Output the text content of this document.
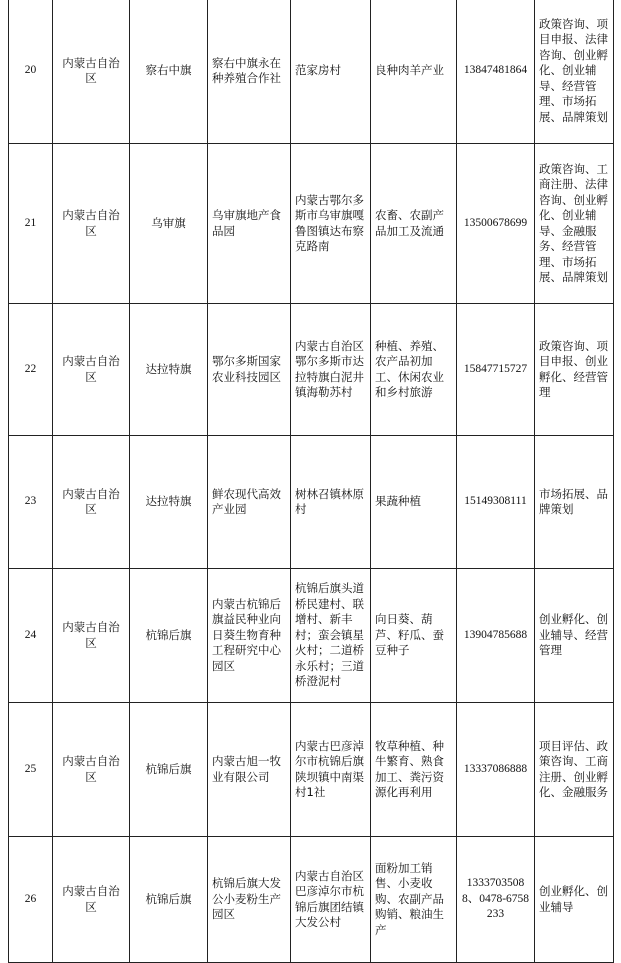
20	内蒙古自治区	察右中旗	察右中旗永在种养殖合作社	范家房村	良种肉羊产业	13847481864	政策咨询、项目申报、法律咨询、创业孵化、创业辅导、经营管理、市场拓展、品牌策划
21	内蒙古自治区	乌审旗	乌审旗地产食品园	内蒙古鄂尔多斯市乌审旗嘎鲁图镇达布察克路南	农畜、农副产品加工及流通	13500678699	政策咨询、工商注册、法律咨询、创业孵化、创业辅导、金融服务、经营管理、市场拓展、品牌策划
22	内蒙古自治区	达拉特旗	鄂尔多斯国家农业科技园区	内蒙古自治区鄂尔多斯市达拉特旗白泥井镇海勒苏村	种植、养殖、农产品初加工、休闲农业和乡村旅游	15847715727	政策咨询、项目申报、创业孵化、经营管理
23	内蒙古自治区	达拉特旗	鲜农现代高效产业园	树林召镇林原村	果蔬种植	15149308111	市场拓展、品牌策划
24	内蒙古自治区	杭锦后旗	内蒙古杭锦后旗益民种业向日葵生物育种工程研究中心园区	杭锦后旗头道桥民建村、联增村、新丰村；蛮会镇星火村；二道桥永乐村；三道桥澄泥村	向日葵、葫芦、籽瓜、蚕豆种子	13904785688	创业孵化、创业辅导、经营管理
25	内蒙古自治区	杭锦后旗	内蒙古旭一牧业有限公司	内蒙古巴彦淖尔市杭锦后旗陕坝镇中南渠村1社	牧草种植、种牛繁育、熟食加工、粪污资源化再利用	13337086888	项目评估、政策咨询、工商注册、创业孵化、金融服务
26	内蒙古自治区	杭锦后旗	杭锦后旗大发公小麦粉生产园区	内蒙古自治区巴彦淖尔市杭锦后旗团结镇大发公村	面粉加工销售、小麦收购、农副产品购销、粮油生产	13337035088、0478-6758233	创业孵化、创业辅导
